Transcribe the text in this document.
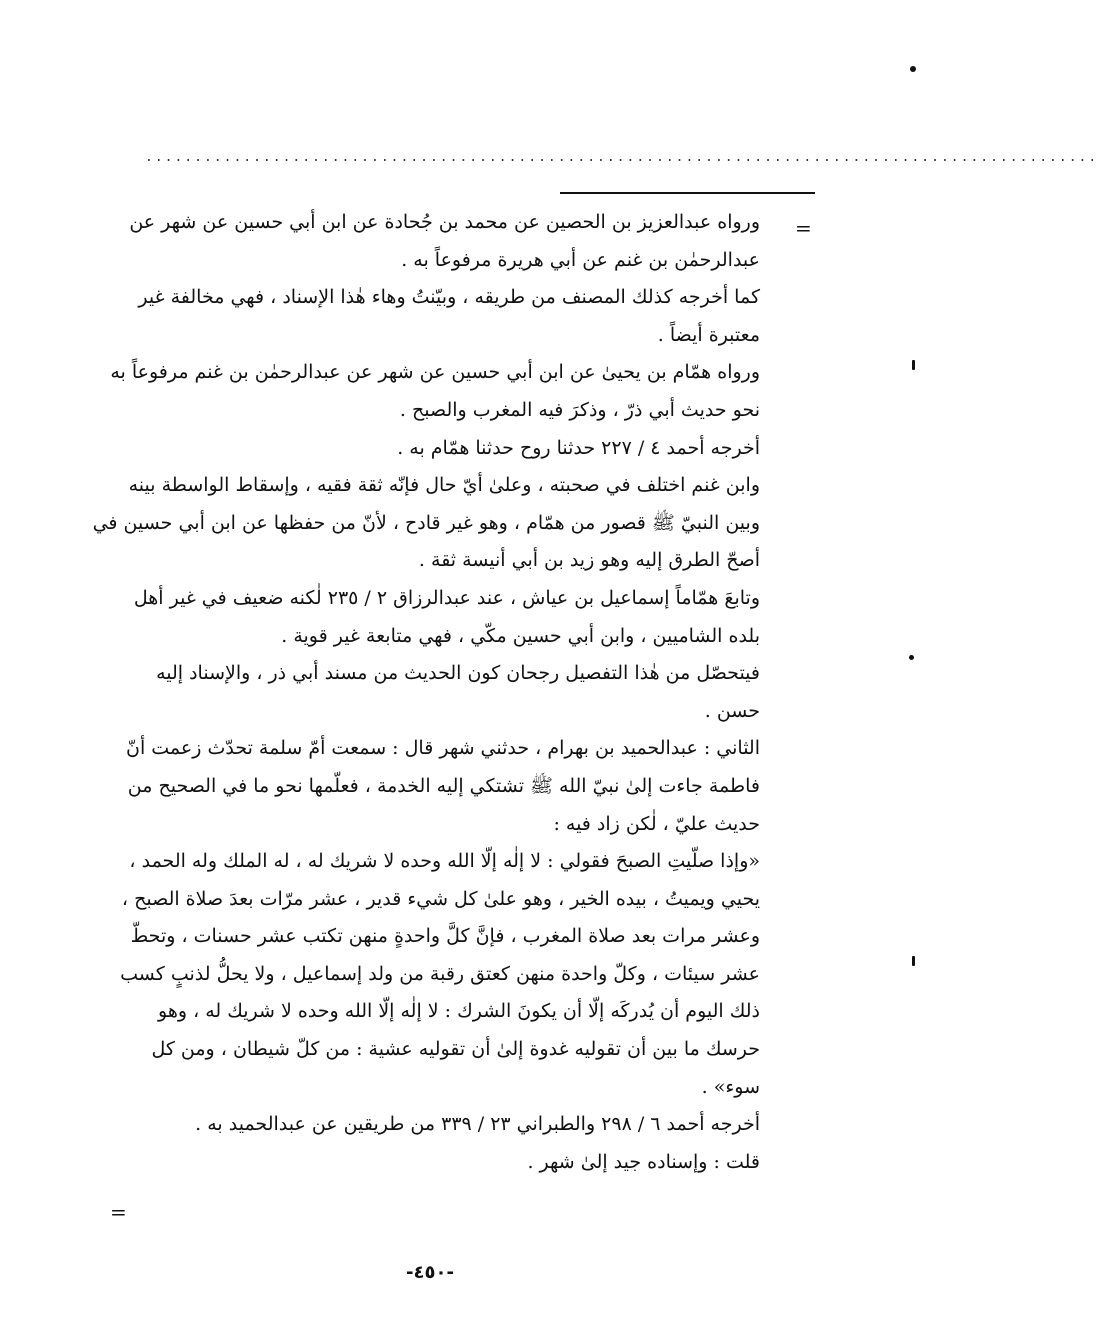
.................................................................................................
=
=
ورواه عبدالعزيز بن الحصين عن محمد بن جُحادة عن ابن أبي حسين عن شهر عن
عبدالرحمٰن بن غنم عن أبي هريرة مرفوعاً به .
كما أخرجه كذلك المصنف من طريقه ، وبيّنتُ وهاء هٰذا الإسناد ، فهي مخالفة غير
معتبرة أيضاً .
ورواه همّام بن يحيىٰ عن ابن أبي حسين عن شهر عن عبدالرحمٰن بن غنم مرفوعاً به
نحو حديث أبي ذرّ ، وذكرَ فيه المغرب والصبح .
أخرجه أحمد ٤ / ٢٢٧ حدثنا روح حدثنا همّام به .
وابن غنم اختلف في صحبته ، وعلىٰ أيّ حال فإنّه ثقة فقيه ، وإسقاط الواسطة بينه
وبين النبيّ ﷺ قصور من همّام ، وهو غير قادح ، لأنّ من حفظها عن ابن أبي حسين في
أصحّ الطرق إليه وهو زيد بن أبي أنيسة ثقة .
وتابعَ همّاماً إسماعيل بن عياش ، عند عبدالرزاق ٢ / ٢٣٥ لٰكنه ضعيف في غير أهل
بلده الشاميين ، وابن أبي حسين مكّي ، فهي متابعة غير قوية .
فيتحصّل من هٰذا التفصيل رجحان كون الحديث من مسند أبي ذر ، والإسناد إليه
حسن .
الثاني : عبدالحميد بن بهرام ، حدثني شهر قال : سمعت أمّ سلمة تحدّث زعمت أنّ
فاطمة جاءت إلىٰ نبيّ الله ﷺ تشتكي إليه الخدمة ، فعلّمها نحو ما في الصحيح من
حديث عليّ ، لٰكن زاد فيه :
«وإذا صلّيتِ الصبحَ فقولي : لا إلٰه إلّا الله وحده لا شريك له ، له الملك وله الحمد ،
يحيي ويميتُ ، بيده الخير ، وهو علىٰ كل شيء قدير ، عشر مرّات بعدَ صلاة الصبح ،
وعشر مرات بعد صلاة المغرب ، فإنَّ كلَّ واحدةٍ منهن تكتب عشر حسنات ، وتحطّ
عشر سيئات ، وكلّ واحدة منهن كعتق رقبة من ولد إسماعيل ، ولا يحلُّ لذنبٍ كسب
ذلك اليوم أن يُدركَه إلّا أن يكونَ الشرك : لا إلٰه إلّا الله وحده لا شريك له ، وهو
حرسك ما بين أن تقوليه غدوة إلىٰ أن تقوليه عشية : من كلّ شيطان ، ومن كل
سوء» .
أخرجه أحمد ٦ / ٢٩٨ والطبراني ٢٣ / ٣٣٩ من طريقين عن عبدالحميد به .
قلت : وإسناده جيد إلىٰ شهر .
-٤٥٠-
